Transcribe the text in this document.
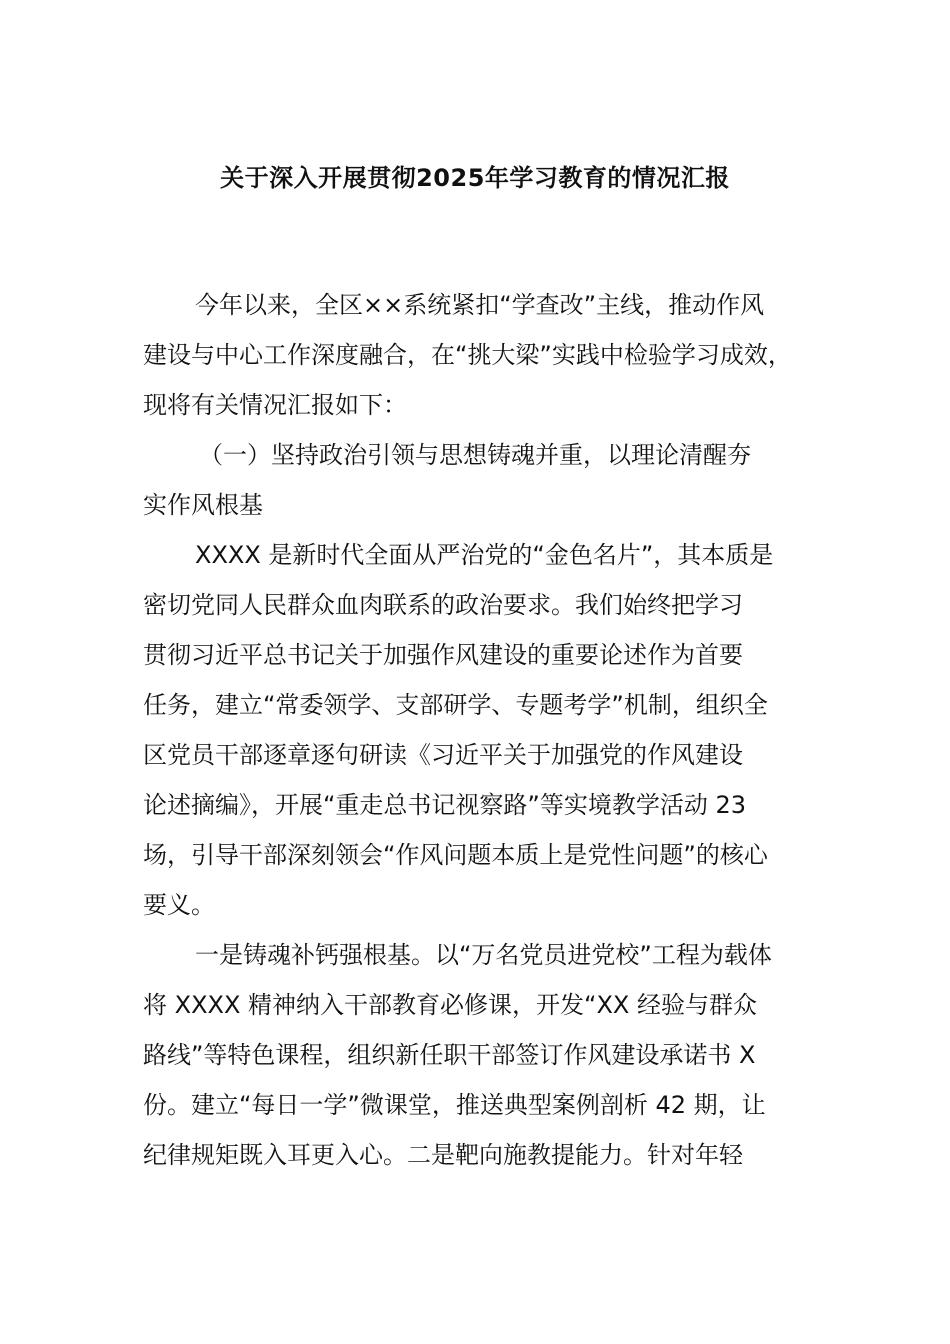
关于深入开展贯彻2025年学习教育的情况汇报
今年以来，全区××系统紧扣“学查改”主线，推动作风
建设与中心工作深度融合，在“挑大梁”实践中检验学习成效，
现将有关情况汇报如下：
（一）坚持政治引领与思想铸魂并重，以理论清醒夯
实作风根基
XXXX 是新时代全面从严治党的“金色名片”，其本质是
密切党同人民群众血肉联系的政治要求。我们始终把学习
贯彻习近平总书记关于加强作风建设的重要论述作为首要
任务，建立“常委领学、支部研学、专题考学”机制，组织全
区党员干部逐章逐句研读《习近平关于加强党的作风建设
论述摘编》，开展“重走总书记视察路”等实境教学活动 23
场，引导干部深刻领会“作风问题本质上是党性问题”的核心
要义。
一是铸魂补钙强根基。以“万名党员进党校”工程为载体
将 XXXX 精神纳入干部教育必修课，开发“XX 经验与群众
路线”等特色课程，组织新任职干部签订作风建设承诺书 X
份。建立“每日一学”微课堂，推送典型案例剖析 42 期，让
纪律规矩既入耳更入心。二是靶向施教提能力。针对年轻
